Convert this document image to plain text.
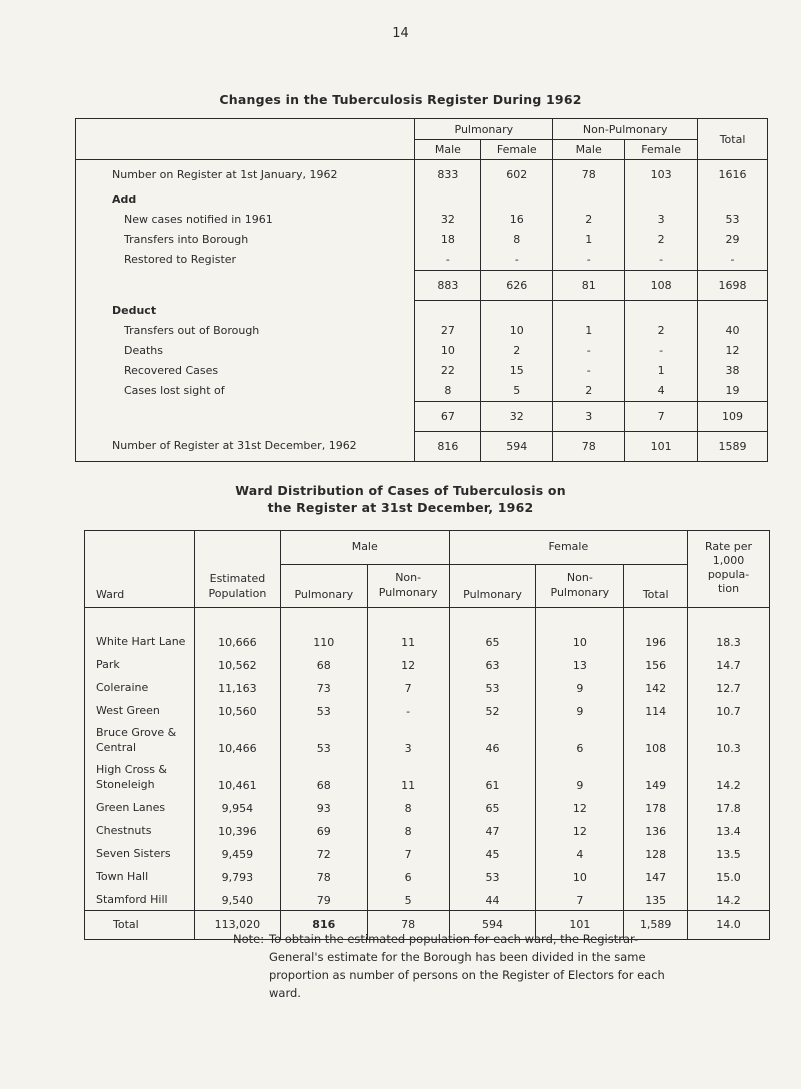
14
Changes in the Tuberculosis Register During 1962
	Pulmonary		Non-Pulmonary		Total
	Male	Female	Male	Female	
Number on Register at 1st January, 1962	833	602	78	103	1616
Add					
New cases notified in 1961	32	16	2	3	53
Transfers into Borough	18	8	1	2	29
Restored to Register	-	-	-	-	-
	883	626	81	108	1698
Deduct					
Transfers out of Borough	27	10	1	2	40
Deaths	10	2	-	-	12
Recovered Cases	22	15	-	1	38
Cases lost sight of	8	5	2	4	19
	67	32	3	7	109
Number of Register at 31st December, 1962	816	594	78	101	1589
Ward Distribution of Cases of Tuberculosis on
the Register at 31st December, 1962
Ward	Estimated Population	Male		Female			Rate per 1,000 popula- tion

		Pulmonary	Non-Pulmonary	Pulmonary	Non-Pulmonary	Total	

White Hart Lane	10,666	110	11	65	10	196	18.3
Park	10,562	68	12	63	13	156	14.7
Coleraine	11,163	73	7	53	9	142	12.7
West Green	10,560	53	-	52	9	114	10.7

Bruce Grove & Central	10,466	53	3	46	6	108	10.3

High Cross & Stoneleigh	10,461	68	11	61	9	149	14.2
Green Lanes	9,954	93	8	65	12	178	17.8
Chestnuts	10,396	69	8	47	12	136	13.4
Seven Sisters	9,459	72	7	45	4	128	13.5
Town Hall	9,793	78	6	53	10	147	15.0
Stamford Hill	9,540	79	5	44	7	135	14.2
Total	113,020	816	78	594	101	1,589	14.0
Note: To obtain the estimated population for each ward, the Registrar-General's estimate for the Borough has been divided in the same proportion as number of persons on the Register of Electors for each ward.
